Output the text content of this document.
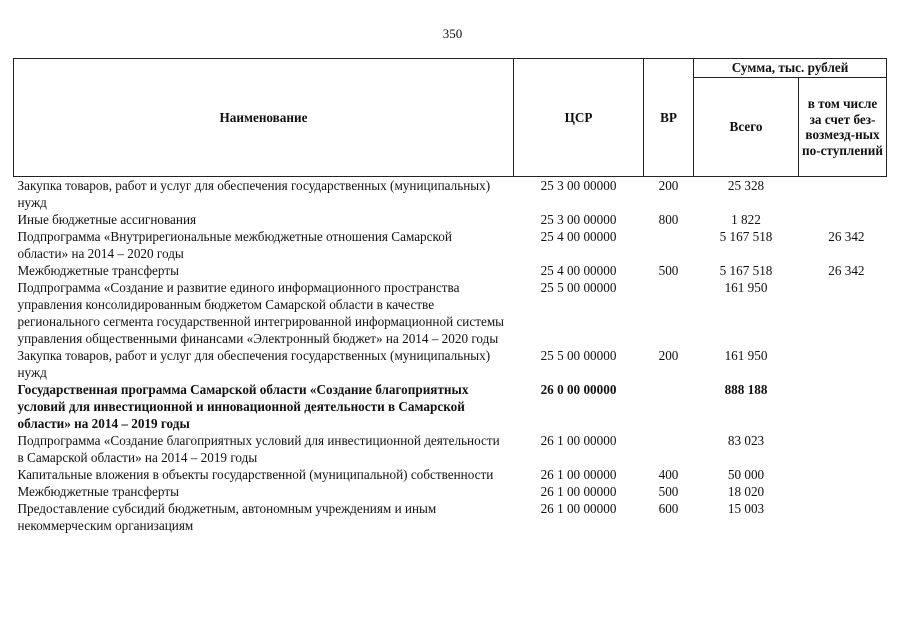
350
Наименование	ЦСР	ВР	Сумма, тыс. рублей	
			Всего	в том числе за счет без-возмезд-ных по-ступлений
Закупка товаров, работ и услуг для обеспечения государственных (муниципальных) нужд	25 3 00 00000	200	25 328	
Иные бюджетные ассигнования	25 3 00 00000	800	1 822	
Подпрограмма «Внутрирегиональные межбюджетные отношения Самарской области» на 2014 – 2020 годы	25 4 00 00000		5 167 518	26 342
Межбюджетные трансферты	25 4 00 00000	500	5 167 518	26 342
Подпрограмма «Создание и развитие единого информационного пространства управления консолидированным бюджетом Самарской области в качестве регионального сегмента государственной интегрированной информационной системы управления общественными финансами «Электронный бюджет» на 2014 – 2020 годы	25 5 00 00000		161 950	
Закупка товаров, работ и услуг для обеспечения государственных (муниципальных) нужд	25 5 00 00000	200	161 950	
Государственная программа Самарской области «Создание благоприятных условий для инвестиционной и инновационной деятельности в Самарской области» на 2014 – 2019 годы	26 0 00 00000		888 188	
Подпрограмма «Создание благоприятных условий для инвестиционной деятельности в Самарской области» на 2014 – 2019 годы	26 1 00 00000		83 023	
Капитальные вложения в объекты государственной (муниципальной) собственности	26 1 00 00000	400	50 000	
Межбюджетные трансферты	26 1 00 00000	500	18 020	
Предоставление субсидий бюджетным, автономным учреждениям и иным некоммерческим организациям	26 1 00 00000	600	15 003	
